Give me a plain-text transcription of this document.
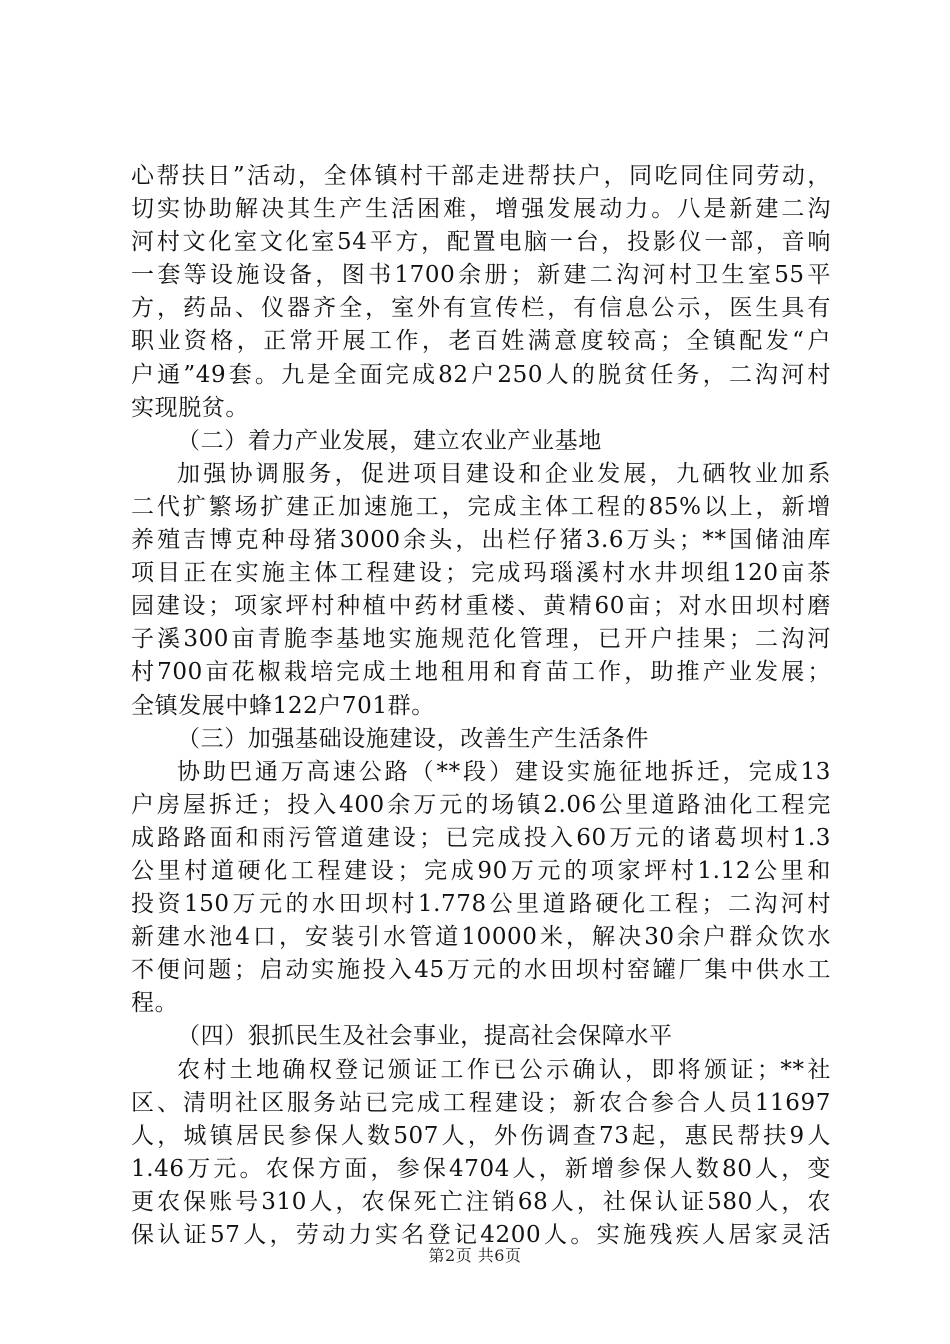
心帮扶日”活动，全体镇村干部走进帮扶户，同吃同住同劳动，
切实协助解决其生产生活困难，增强发展动力。八是新建二沟
河村文化室文化室54平方，配置电脑一台，投影仪一部，音响
一套等设施设备，图书1700余册；新建二沟河村卫生室55平
方，药品、仪器齐全，室外有宣传栏，有信息公示，医生具有
职业资格，正常开展工作，老百姓满意度较高；全镇配发“户
户通”49套。九是全面完成82户250人的脱贫任务，二沟河村
实现脱贫。
（二）着力产业发展，建立农业产业基地
加强协调服务，促进项目建设和企业发展，九硒牧业加系
二代扩繁场扩建正加速施工，完成主体工程的85%以上，新增
养殖吉博克种母猪3000余头，出栏仔猪3.6万头；**国储油库
项目正在实施主体工程建设；完成玛瑙溪村水井坝组120亩茶
园建设；项家坪村种植中药材重楼、黄精60亩；对水田坝村磨
子溪300亩青脆李基地实施规范化管理，已开户挂果；二沟河
村700亩花椒栽培完成土地租用和育苗工作，助推产业发展；
全镇发展中蜂122户701群。
（三）加强基础设施建设，改善生产生活条件
协助巴通万高速公路（**段）建设实施征地拆迁，完成13
户房屋拆迁；投入400余万元的场镇2.06公里道路油化工程完
成路路面和雨污管道建设；已完成投入60万元的诸葛坝村1.3
公里村道硬化工程建设；完成90万元的项家坪村1.12公里和
投资150万元的水田坝村1.778公里道路硬化工程；二沟河村
新建水池4口，安装引水管道10000米，解决30余户群众饮水
不便问题；启动实施投入45万元的水田坝村窑罐厂集中供水工
程。
（四）狠抓民生及社会事业，提高社会保障水平
农村土地确权登记颁证工作已公示确认，即将颁证；**社
区、清明社区服务站已完成工程建设；新农合参合人员11697
人，城镇居民参保人数507人，外伤调查73起，惠民帮扶9人
1.46万元。农保方面，参保4704人，新增参保人数80人，变
更农保账号310人，农保死亡注销68人，社保认证580人，农
保认证57人，劳动力实名登记4200人。实施残疾人居家灵活
第2页 共6页
